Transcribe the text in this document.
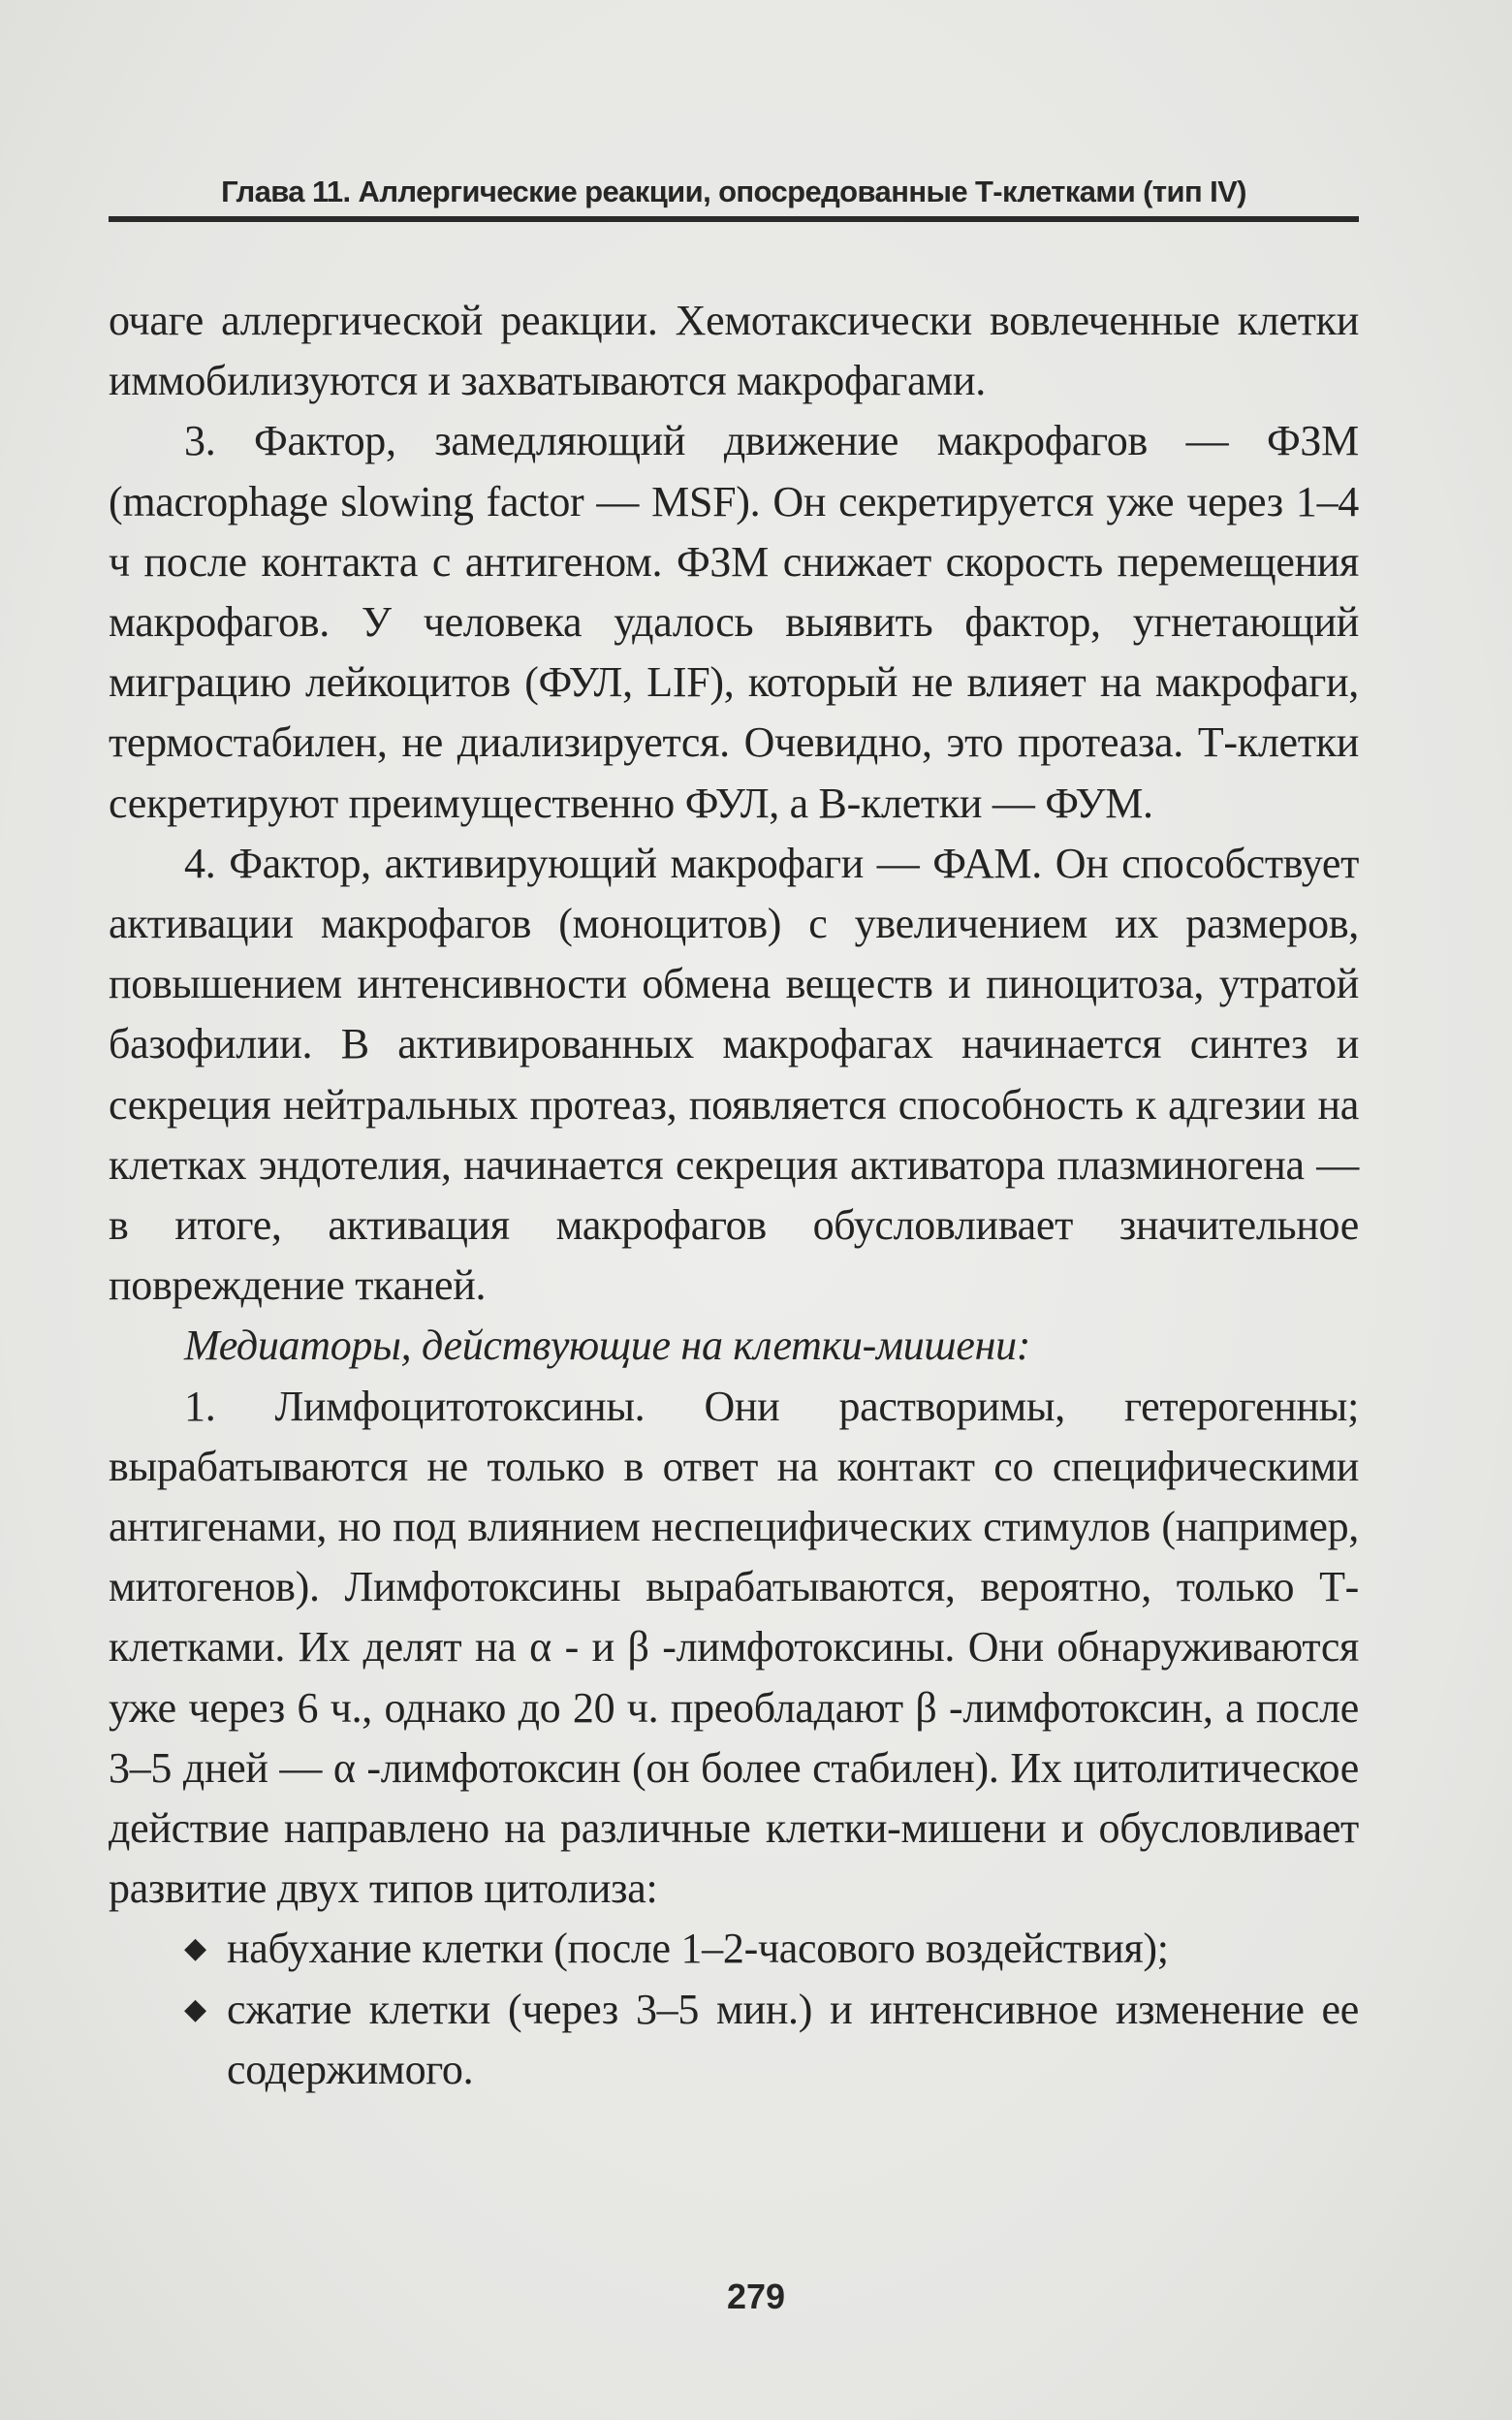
Глава 11. Аллергические реакции, опосредованные Т-клетками (тип IV)

очаге аллергической реакции. Хемотаксически вовлеченные клетки иммобилизуются и захватываются макрофагами.

3. Фактор, замедляющий движение макрофагов — ФЗМ (macrophage slowing factor — MSF). Он секретируется уже через 1–4 ч после контакта с антигеном. ФЗМ снижает скорость перемещения макрофагов. У человека удалось выявить фактор, угнетающий миграцию лейкоцитов (ФУЛ, LIF), который не влияет на макрофаги, термостабилен, не диализируется. Очевидно, это протеаза. Т-клетки секретируют преимущественно ФУЛ, а В-клетки — ФУМ.

4. Фактор, активирующий макрофаги — ФАМ. Он способствует активации макрофагов (моноцитов) с увеличением их размеров, повышением интенсивности обмена веществ и пиноцитоза, утратой базофилии. В активированных макрофагах начинается синтез и секреция нейтральных протеаз, появляется способность к адгезии на клетках эндотелия, начинается секреция активатора плазминогена — в итоге, активация макрофагов обусловливает значительное повреждение тканей.

Медиаторы, действующие на клетки-мишени:

1. Лимфоцитотоксины. Они растворимы, гетерогенны; вырабатываются не только в ответ на контакт со специфическими антигенами, но под влиянием неспецифических стимулов (например, митогенов). Лимфотоксины вырабатываются, вероятно, только Т-клетками. Их делят на α - и β -лимфотоксины. Они обнаруживаются уже через 6 ч., однако до 20 ч. преобладают β -лимфотоксин, а после 3–5 дней — α -лимфотоксин (он более стабилен). Их цитолитическое действие направлено на различные клетки-мишени и обусловливает развитие двух типов цитолиза:

◆ набухание клетки (после 1–2-часового воздействия);
◆ сжатие клетки (через 3–5 мин.) и интенсивное изменение ее содержимого.
279
